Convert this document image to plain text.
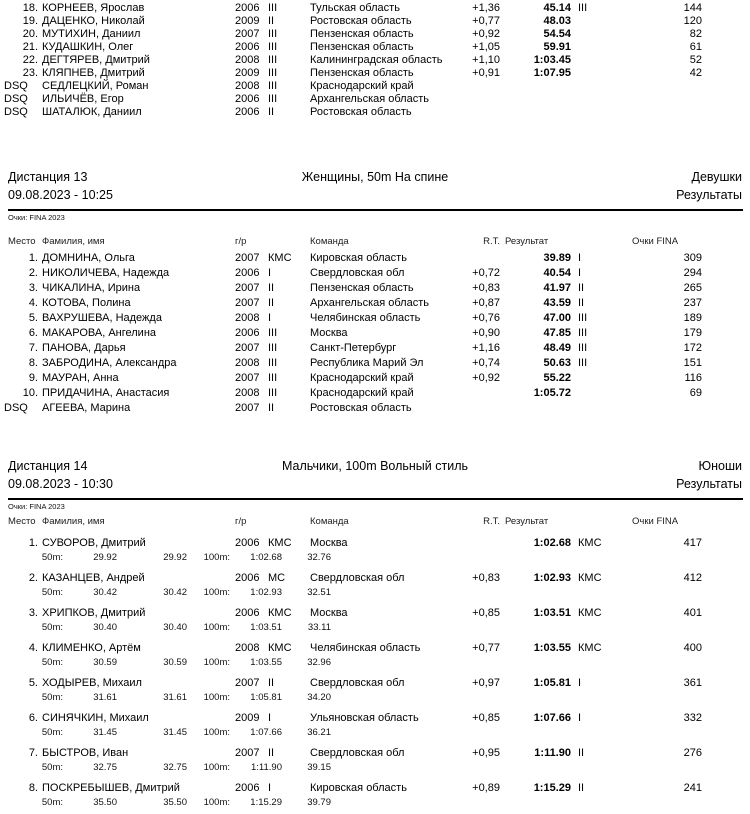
18. КОРНЕЕВ, Ярослав	2006 III	Тульская область	+1,36	45.14 III	144
19. ДАЦЕНКО, Николай	2009 II	Ростовская область	+0,77	48.03	120
20. МУТИХИН, Даниил	2007 III	Пензенская область	+0,92	54.54	82
21. КУДАШКИН, Олег	2006 III	Пензенская область	+1,05	59.91	61
22. ДЕГТЯРЕВ, Дмитрий	2008 III	Калининградская область	+1,10	1:03.45	52
23. КЛЯПНЕВ, Дмитрий	2009 III	Пензенская область	+0,91	1:07.95	42
DSQ	СЕДЛЕЦКИЙ, Роман	2008 III	Краснодарский край
DSQ	ИЛЬИЧЁВ, Егор	2006 III	Архангельская область
DSQ	ШАТАЛЮК, Даниил	2006 II	Ростовская область
Дистанция 13	Женщины, 50m На спине	Девушки
09.08.2023 - 10:25	Результаты
Очки: FINA 2023
Место Фамилия, имя	г/р	Команда	R.T. Результат	Очки FINA
1. ДОМНИНА, Ольга	2007 КМС Кировская область	39.89 I	309
2. НИКОЛИЧЕВА, Надежда	2006 I	Свердловская обл	+0,72	40.54 I	294
3. ЧИКАЛИНА, Ирина	2007 II	Пензенская область	+0,83	41.97 II	265
4. КОТОВА, Полина	2007 II	Архангельская область	+0,87	43.59 II	237
5. ВАХРУШЕВА, Надежда	2008 I	Челябинская область	+0,76	47.00 III	189
6. МАКАРОВА, Ангелина	2006 III	Москва	+0,90	47.85 III	179
7. ПАНОВА, Дарья	2007 III	Санкт-Петербург	+1,16	48.49 III	172
8. ЗАБРОДИНА, Александра	2008 III	Республика Марий Эл	+0,74	50.63 III	151
9. МАУРАН, Анна	2007 III	Краснодарский край	+0,92	55.22	116
10. ПРИДАЧИНА, Анастасия	2008 III	Краснодарский край	1:05.72	69
DSQ	АГЕЕВА, Марина	2007 II	Ростовская область
Дистанция 14	Мальчики, 100m Вольный стиль	Юноши
09.08.2023 - 10:30	Результаты
Очки: FINA 2023
Место Фамилия, имя	г/р	Команда	R.T. Результат	Очки FINA
1. СУВОРОВ, Дмитрий	2006 КМС Москва	1:02.68 КМС	417
50m:	29.92	29.92	100m:	1:02.68	32.76
2. КАЗАНЦЕВ, Андрей	2006 МС Свердловская обл	+0,83	1:02.93 КМС	412
50m:	30.42	30.42	100m:	1:02.93	32.51
3. ХРИПКОВ, Дмитрий	2006 КМС Москва	+0,85	1:03.51 КМС	401
50m:	30.40	30.40	100m:	1:03.51	33.11
4. КЛИМЕНКО, Артём	2008 КМС Челябинская область	+0,77	1:03.55 КМС	400
50m:	30.59	30.59	100m:	1:03.55	32.96
5. ХОДЫРЕВ, Михаил	2007 II	Свердловская обл	+0,97	1:05.81 I	361
50m:	31.61	31.61	100m:	1:05.81	34.20
6. СИНЯЧКИН, Михаил	2009 I	Ульяновская область	+0,85	1:07.66 I	332
50m:	31.45	31.45	100m:	1:07.66	36.21
7. БЫСТРОВ, Иван	2007 II	Свердловская обл	+0,95	1:11.90 II	276
50m:	32.75	32.75	100m:	1:11.90	39.15
8. ПОСКРЕБЫШЕВ, Дмитрий	2006 I	Кировская область	+0,89	1:15.29 II	241
50m:	35.50	35.50	100m:	1:15.29	39.79
